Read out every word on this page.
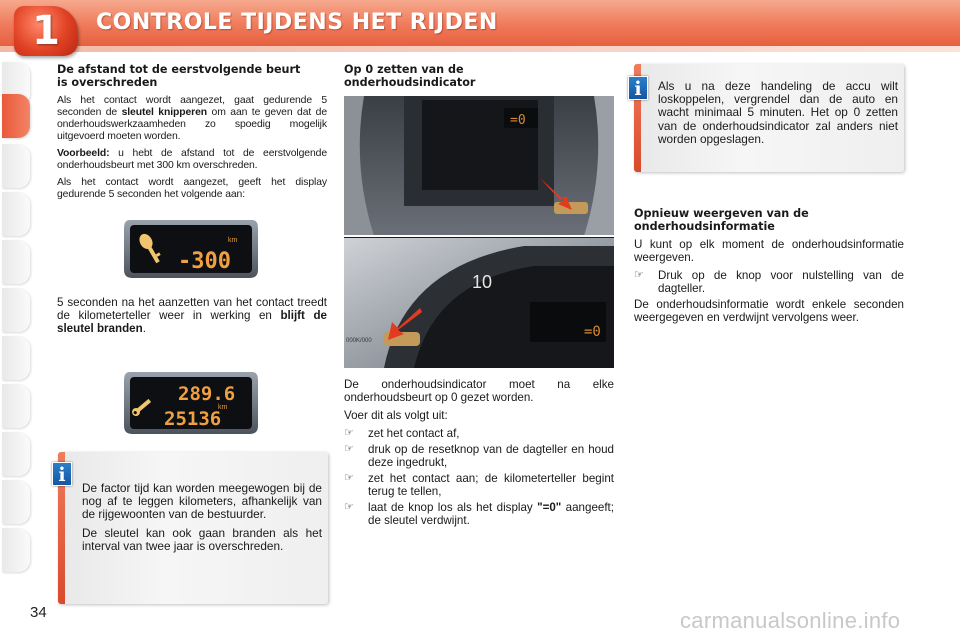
1	CONTROLE TIJDENS HET RIJDEN
De afstand tot de eerstvolgende beurt is overschreden

Als het contact wordt aangezet, gaat gedurende 5 seconden de sleutel knipperen om aan te geven dat de onderhoudswerkzaamheden zo spoedig mogelijk uitgevoerd moeten worden.

Voorbeeld: u hebt de afstand tot de eerstvolgende onderhoudsbeurt met 300 km overschreden.

Als het contact wordt aangezet, geeft het display gedurende 5 seconden het volgende aan:

km
-300
5 seconden na het aanzetten van het contact treedt de kilometerteller weer in werking en blijft de sleutel branden.
289.6
km
25136

De factor tijd kan worden meegewogen bij de nog af te leggen kilometers, afhankelijk van de rijgewoonten van de bestuurder.

De sleutel kan ook gaan branden als het interval van twee jaar is overschreden.

i
Op 0 zetten van de onderhoudsindicator
=0
10
=0
000K/000

De onderhoudsindicator moet na elke onderhoudsbeurt op 0 gezet worden.

Voer dit als volgt uit:

☞	zet het contact af,
☞	druk op de resetknop van de dagteller en houd deze ingedrukt,
☞	zet het contact aan; de kilometerteller begint terug te tellen,
☞	laat de knop los als het display "=0" aangeeft; de sleutel verdwijnt.
Als u na deze handeling de accu wilt loskoppelen, vergrendel dan de auto en wacht minimaal 5 minuten. Het op 0 zetten van de onderhoudsindicator zal anders niet worden opgeslagen.
i
Opnieuw weergeven van de onderhoudsinformatie

U kunt op elk moment de onderhoudsinformatie weergeven.

☞	Druk op de knop voor nulstelling van de dagteller.

De onderhoudsinformatie wordt enkele seconden weergegeven en verdwijnt vervolgens weer.

34	carmanualsonline.info
